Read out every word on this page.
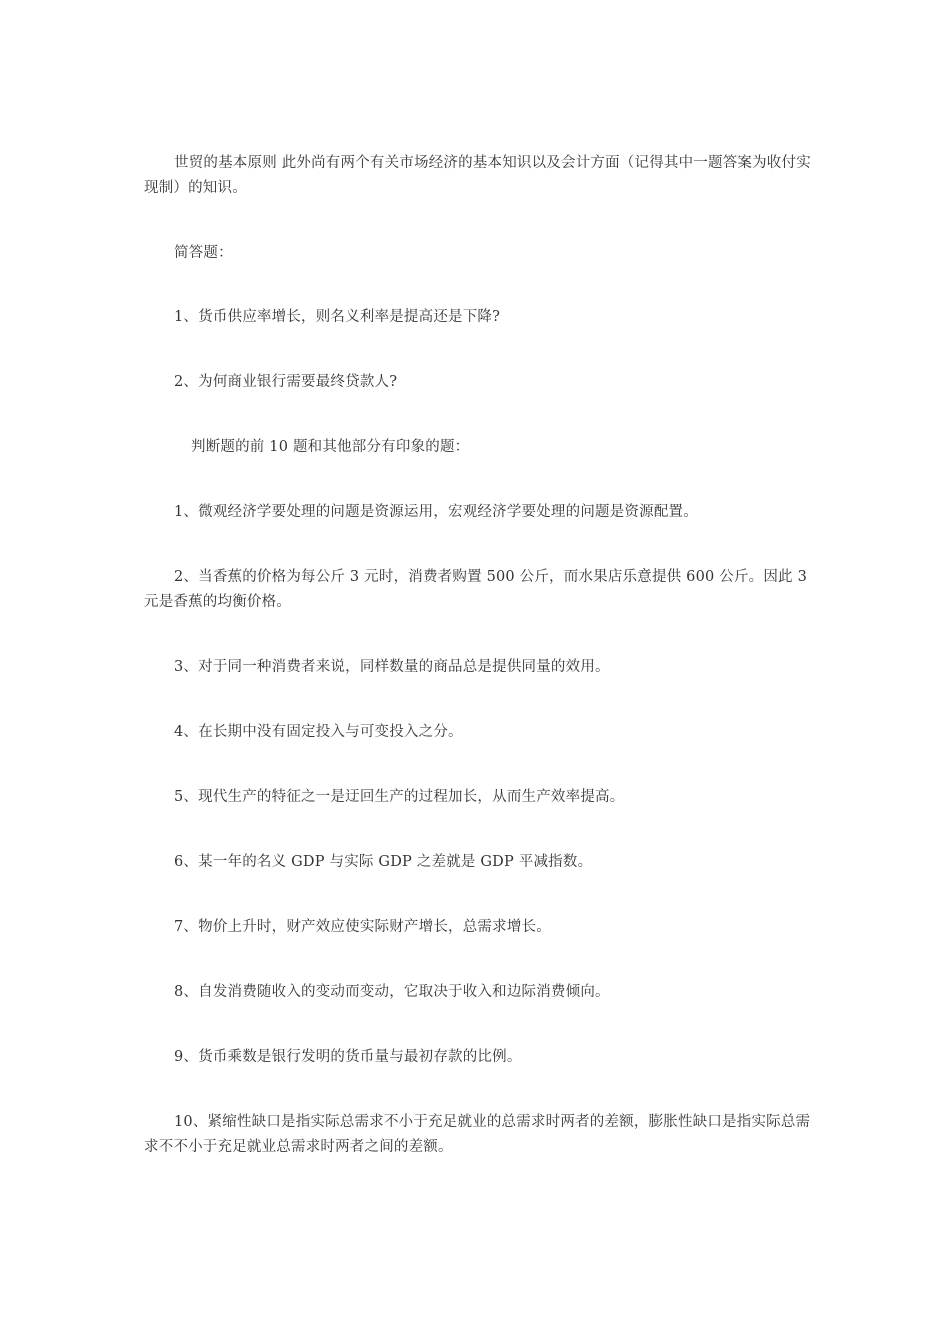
世贸的基本原则 此外尚有两个有关市场经济的基本知识以及会计方面（记得其中一题答案为收付实现制）的知识。

简答题：

1、货币供应率增长，则名义利率是提高还是下降?

2、为何商业银行需要最终贷款人?

判断题的前 10 题和其他部分有印象的题：

1、微观经济学要处理的问题是资源运用，宏观经济学要处理的问题是资源配置。

2、当香蕉的价格为每公斤 3 元时，消费者购置 500 公斤，而水果店乐意提供 600 公斤。因此 3 元是香蕉的均衡价格。

3、对于同一种消费者来说，同样数量的商品总是提供同量的效用。

4、在长期中没有固定投入与可变投入之分。

5、现代生产的特征之一是迂回生产的过程加长，从而生产效率提高。

6、某一年的名义 GDP 与实际 GDP 之差就是 GDP 平减指数。

7、物价上升时，财产效应使实际财产增长，总需求增长。

8、自发消费随收入的变动而变动，它取决于收入和边际消费倾向。

9、货币乘数是银行发明的货币量与最初存款的比例。

10、紧缩性缺口是指实际总需求不小于充足就业的总需求时两者的差额，膨胀性缺口是指实际总需求不不小于充足就业总需求时两者之间的差额。
